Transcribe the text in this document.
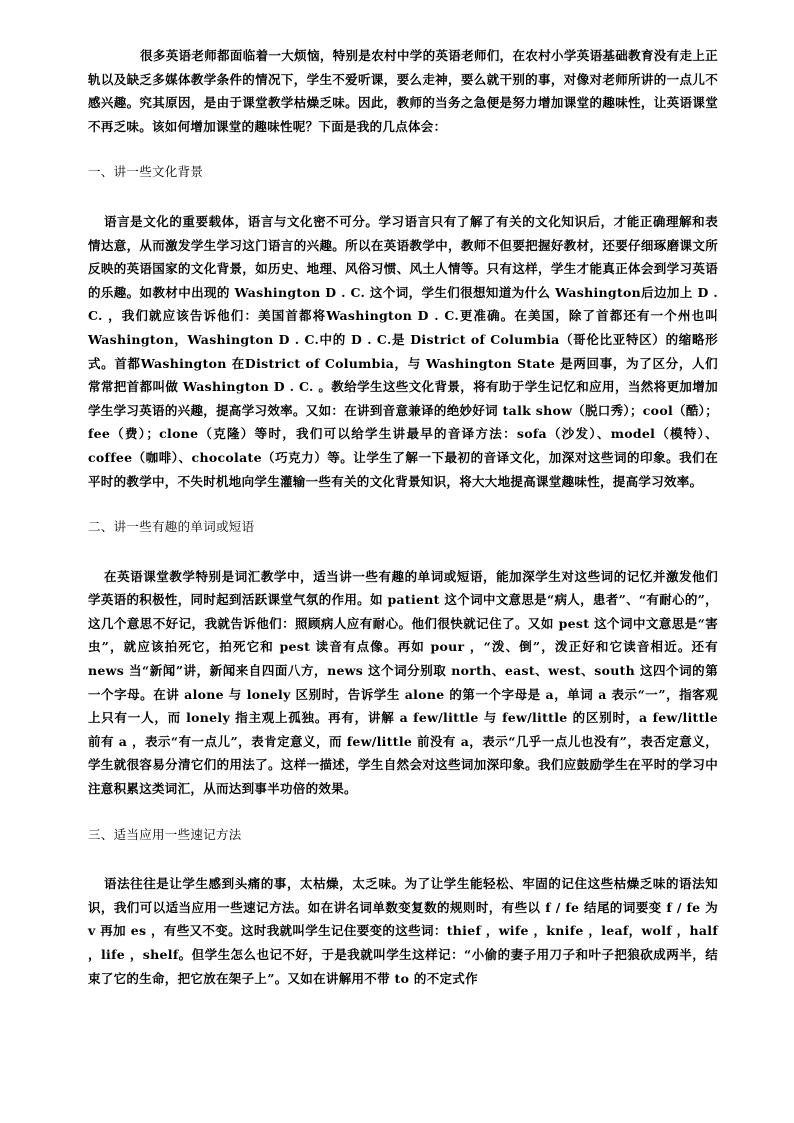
很多英语老师都面临着一大烦恼，特别是农村中学的英语老师们，在农村小学英语基础教育没有走上正轨以及缺乏多媒体教学条件的情况下，学生不爱听课，要么走神，要么就干别的事，对像对老师所讲的一点儿不感兴趣。究其原因，是由于课堂教学枯燥乏味。因此，教师的当务之急便是努力增加课堂的趣味性，让英语课堂不再乏味。该如何增加课堂的趣味性呢？下面是我的几点体会：

一、讲一些文化背景

语言是文化的重要载体，语言与文化密不可分。学习语言只有了解了有关的文化知识后，才能正确理解和表情达意，从而激发学生学习这门语言的兴趣。所以在英语教学中，教师不但要把握好教材，还要仔细琢磨课文所反映的英语国家的文化背景，如历史、地理、风俗习惯、风土人情等。只有这样，学生才能真正体会到学习英语的乐趣。如教材中出现的 Washington D . C. 这个词，学生们很想知道为什么 Washington后边加上 D . C. ，我们就应该告诉他们：美国首都将Washington D . C.更准确。在美国，除了首都还有一个州也叫 Washington，Washington D . C.中的 D . C.是 District of Columbia（哥伦比亚特区）的缩略形式。首都Washington 在District of Columbia，与 Washington State 是两回事，为了区分，人们常常把首都叫做 Washington D . C. 。教给学生这些文化背景，将有助于学生记忆和应用，当然将更加增加学生学习英语的兴趣，提高学习效率。又如：在讲到音意兼译的绝妙好词 talk show（脱口秀）；cool（酷）；fee（费）；clone（克隆）等时，我们可以给学生讲最早的音译方法：sofa（沙发）、model（模特）、coffee（咖啡）、chocolate（巧克力）等。让学生了解一下最初的音译文化，加深对这些词的印象。我们在平时的教学中，不失时机地向学生灌输一些有关的文化背景知识，将大大地提高课堂趣味性，提高学习效率。

二、讲一些有趣的单词或短语

在英语课堂教学特别是词汇教学中，适当讲一些有趣的单词或短语，能加深学生对这些词的记忆并激发他们学英语的积极性，同时起到活跃课堂气氛的作用。如 patient 这个词中文意思是“病人，患者”、“有耐心的”，这几个意思不好记，我就告诉他们：照顾病人应有耐心。他们很快就记住了。又如 pest 这个词中文意思是“害虫”，就应该拍死它，拍死它和 pest 读音有点像。再如 pour ，“泼、倒”，泼正好和它读音相近。还有 news 当“新闻”讲，新闻来自四面八方，news 这个词分别取 north、east、west、south 这四个词的第一个字母。在讲 alone 与 lonely 区别时，告诉学生 alone 的第一个字母是 a，单词 a 表示“一”，指客观上只有一人，而 lonely 指主观上孤独。再有，讲解 a few/little 与 few/little 的区别时，a few/little 前有 a ，表示“有一点儿”，表肯定意义，而 few/little 前没有 a，表示“几乎一点儿也没有”，表否定意义，学生就很容易分清它们的用法了。这样一描述，学生自然会对这些词加深印象。我们应鼓励学生在平时的学习中注意积累这类词汇，从而达到事半功倍的效果。

三、适当应用一些速记方法

语法往往是让学生感到头痛的事，太枯燥，太乏味。为了让学生能轻松、牢固的记住这些枯燥乏味的语法知识，我们可以适当应用一些速记方法。如在讲名词单数变复数的规则时，有些以 f / fe 结尾的词要变 f / fe 为 v 再加 es ，有些又不变。这时我就叫学生记住要变的这些词：thief ，wife ，knife ，leaf，wolf ，half ，life ，shelf。但学生怎么也记不好，于是我就叫学生这样记：“小偷的妻子用刀子和叶子把狼砍成两半，结束了它的生命，把它放在架子上”。又如在讲解用不带 to 的不定式作
